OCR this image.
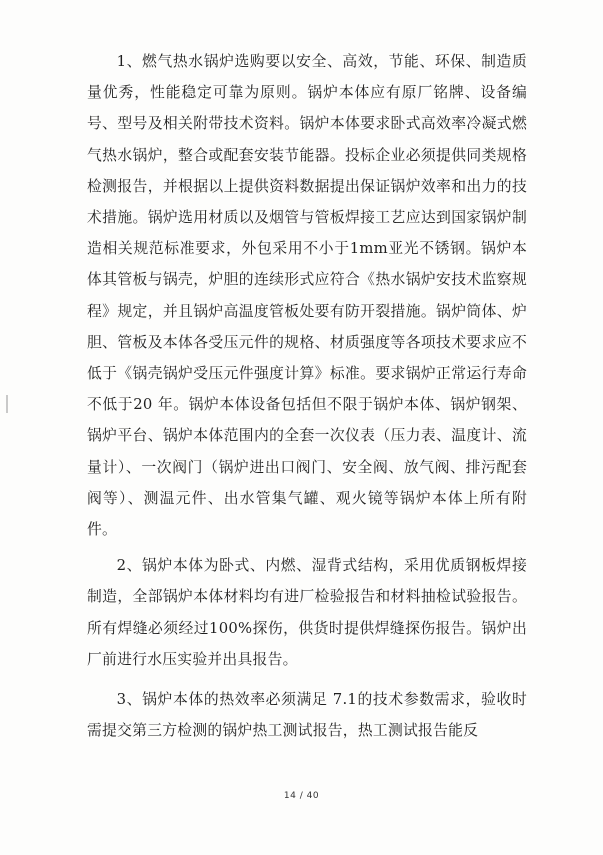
1、燃气热水锅炉选购要以安全、高效，节能、环保、制造质量优秀，性能稳定可靠为原则。锅炉本体应有原厂铭牌、设备编号、型号及相关附带技术资料。锅炉本体要求卧式高效率冷凝式燃气热水锅炉，整合或配套安装节能器。投标企业必须提供同类规格检测报告，并根据以上提供资料数据提出保证锅炉效率和出力的技术措施。锅炉选用材质以及烟管与管板焊接工艺应达到国家锅炉制造相关规范标准要求，外包采用不小于1mm亚光不锈钢。锅炉本体其管板与锅壳，炉胆的连续形式应符合《热水锅炉安技术监察规程》规定，并且锅炉高温度管板处要有防开裂措施。锅炉筒体、炉胆、管板及本体各受压元件的规格、材质强度等各项技术要求应不低于《锅壳锅炉受压元件强度计算》标准。要求锅炉正常运行寿命不低于20 年。锅炉本体设备包括但不限于锅炉本体、锅炉钢架、锅炉平台、锅炉本体范围内的全套一次仪表（压力表、温度计、流量计）、一次阀门（锅炉进出口阀门、安全阀、放气阀、排污配套阀等）、测温元件、出水管集气罐、观火镜等锅炉本体上所有附件。

2、锅炉本体为卧式、内燃、湿背式结构，采用优质钢板焊接制造，全部锅炉本体材料均有进厂检验报告和材料抽检试验报告。所有焊缝必须经过100%探伤，供货时提供焊缝探伤报告。锅炉出厂前进行水压实验并出具报告。

3、锅炉本体的热效率必须满足 7.1的技术参数需求，验收时需提交第三方检测的锅炉热工测试报告，热工测试报告能反

14 / 40
